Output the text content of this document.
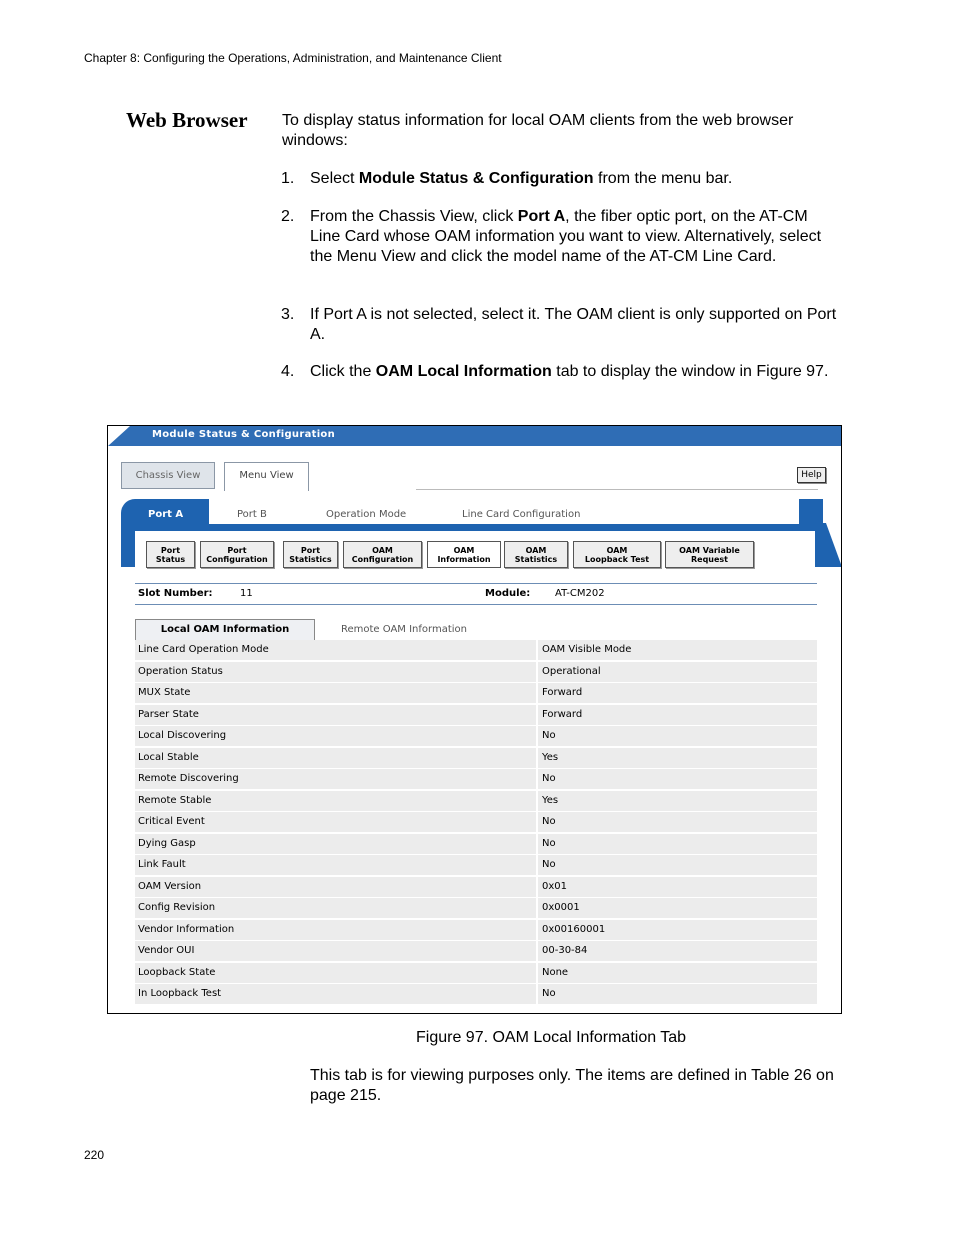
Chapter 8: Configuring the Operations, Administration, and Maintenance Client
Web Browser To display status information for local OAM clients from the web browser windows:
1. Select Module Status & Configuration from the menu bar.
2. From the Chassis View, click Port A, the fiber optic port, on the AT-CM Line Card whose OAM information you want to view. Alternatively, select the Menu View and click the model name of the AT-CM Line Card.
3. If Port A is not selected, select it. The OAM client is only supported on Port A.
4. Click the OAM Local Information tab to display the window in Figure 97.
Module Status & Configuration
Chassis View	Menu View	Help
Port A	Port B	Operation Mode	Line Card Configuration
Port
Status
Port
Configuration
Port
Statistics
OAM
Configuration
OAM
Information
OAM
Statistics
OAM
Loopback Test
OAM Variable
Request
Slot Number:	11	Module: AT-CM202
Local OAM Information	Remote OAM Information
Line Card Operation Mode	OAM Visible Mode
Operation Status	Operational
MUX State	Forward
Parser State	Forward
Local Discovering	No
Local Stable	Yes
Remote Discovering	No
Remote Stable	Yes
Critical Event	No
Dying Gasp	No
Link Fault	No
OAM Version	0x01
Config Revision	0x0001
Vendor Information	0x00160001
Vendor OUI	00-30-84
Loopback State	None
In Loopback Test	No
Figure 97. OAM Local Information Tab
This tab is for viewing purposes only. The items are defined in Table 26 on page 215.
220
